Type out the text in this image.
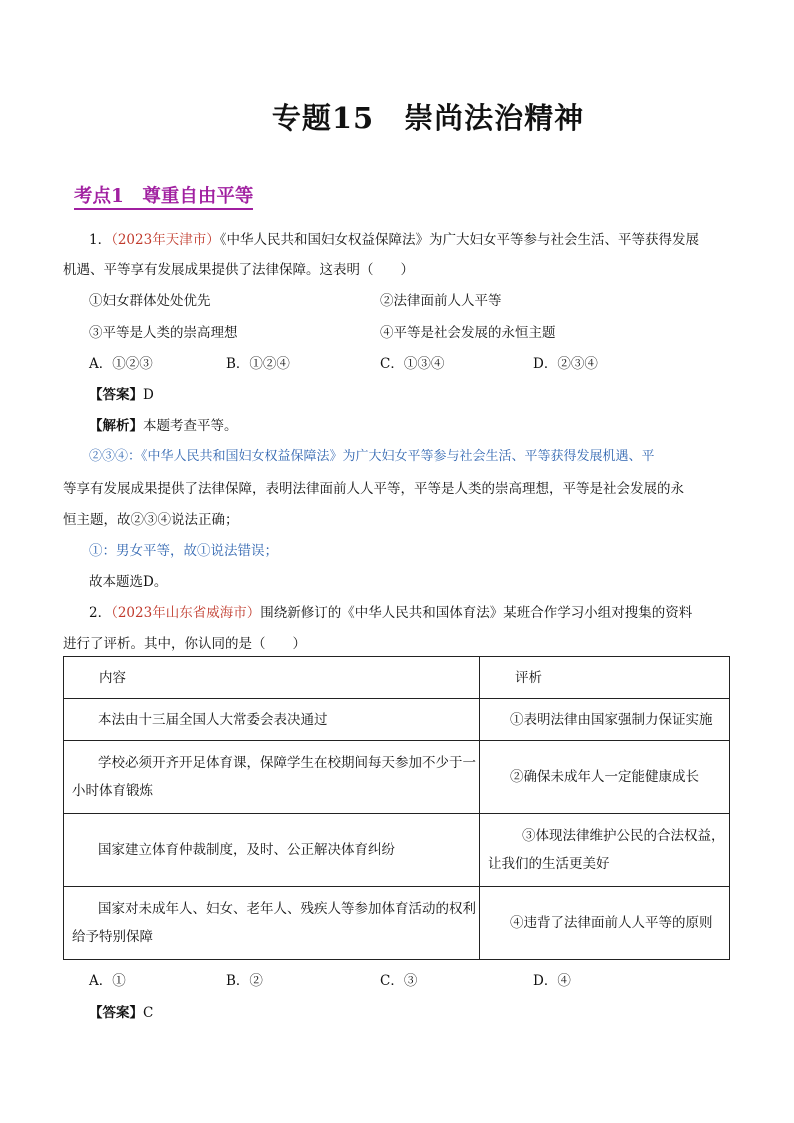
专题15　崇尚法治精神
考点1　尊重自由平等
1．（2023年天津市）《中华人民共和国妇女权益保障法》为广大妇女平等参与社会生活、平等获得发展
机遇、平等享有发展成果提供了法律保障。这表明（　　）
①妇女群体处处优先	②法律面前人人平等
③平等是人类的崇高理想	④平等是社会发展的永恒主题
A．①②③	B．①②④	C．①③④	D．②③④
【答案】D
【解析】本题考查平等。
②③④：《中华人民共和国妇女权益保障法》为广大妇女平等参与社会生活、平等获得发展机遇、平
等享有发展成果提供了法律保障，表明法律面前人人平等，平等是人类的崇高理想，平等是社会发展的永
恒主题，故②③④说法正确；
①：男女平等，故①说法错误；
故本题选D。
2．（2023年山东省威海市）围绕新修订的《中华人民共和国体育法》某班合作学习小组对搜集的资料
进行了评析。其中，你认同的是（　　）
内容	评析

本法由十三届全国人大常委会表决通过	①表明法律由国家强制力保证实施

学校必须开齐开足体育课，保障学生在校期间每天参加不少于一小时体育锻炼	②确保未成年人一定能健康成长

国家建立体育仲裁制度，及时、公正解决体育纠纷	③体现法律维护公民的合法权益，让我们的生活更美好

国家对未成年人、妇女、老年人、残疾人等参加体育活动的权利给予特别保障	④违背了法律面前人人平等的原则
A．①	B．②	C．③	D．④
【答案】C
